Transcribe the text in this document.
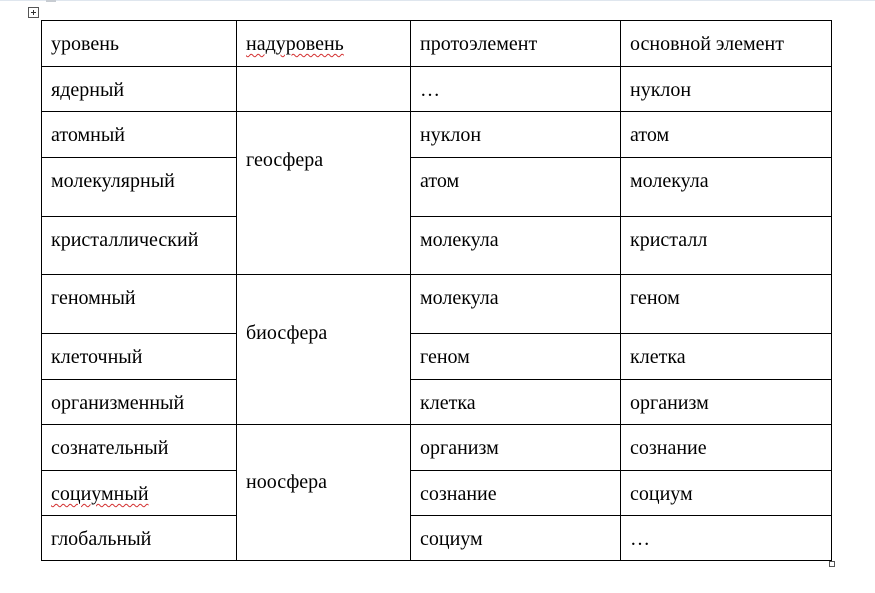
уровень	надуровень	протоэлемент	основной элемент
ядерный		…	нуклон
атомный	геосфера	нуклон	атом
молекулярный		атом	молекула
кристаллический		молекула	кристалл
геномный	биосфера	молекула	геном
клеточный		геном	клетка
организменный		клетка	организм
сознательный	ноосфера	организм	сознание
социумный		сознание	социум
глобальный		социум	…
